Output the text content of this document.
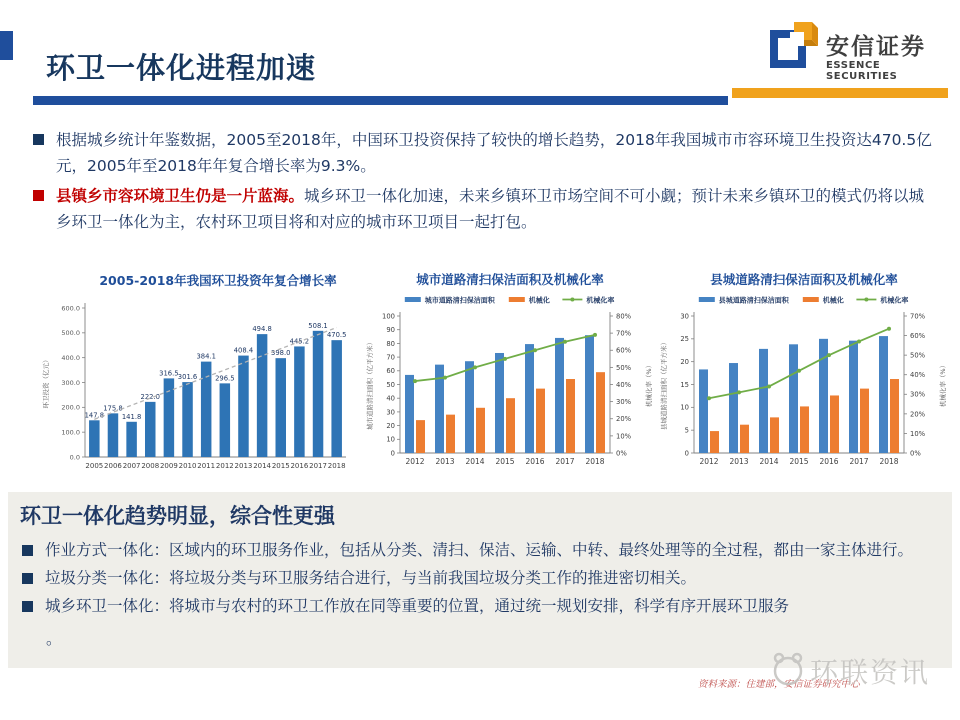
环卫一体化进程加速
安信证券
ESSENCE SECURITIES
根据城乡统计年鉴数据，2005至2018年，中国环卫投资保持了较快的增长趋势，2018年我国城市市容环境卫生投资达470.5亿元，2005年至2018年年复合增长率为9.3%。
县镇乡市容环境卫生仍是一片蓝海。城乡环卫一体化加速，未来乡镇环卫市场空间不可小觑；预计未来乡镇环卫的模式仍将以城乡环卫一体化为主，农村环卫项目将和对应的城市环卫项目一起打包。
2005-2018年我国环卫投资年复合增长率
0.0
100.0
200.0
300.0
400.0
500.0
600.0
147.8
2005
175.8
2006
141.8
2007
222.0
2008
316.5
2009
301.6
2010
384.1
2011
296.5
2012
408.4
2013
494.8
2014
398.0
2015
445.2
2016
508.1
2017
470.5
2018
环卫投资（亿元）
城市道路清扫保洁面积及机械化率
城市道路清扫保洁面积	机械化	机械化率
0
10
20
30
40
50
60
70
80
90
100
0%
10%
20%
30%
40%
50%
60%
70%
80%
2012 2013 2014 2015 2016 2017 2018
城市道路清扫面积（亿平方米）	机械化率（%）
县城道路清扫保洁面积及机械化率
县城道路清扫保洁面积	机械化	机械化率
0
5
10
15
20
25
30
0%
10%
20%
30%
40%
50%
60%
70%
2012 2013 2014 2015 2016 2017 2018
县城道路清扫面积（亿平方米）	机械化率（%）
环卫一体化趋势明显，综合性更强
作业方式一体化：区域内的环卫服务作业，包括从分类、清扫、保洁、运输、中转、最终处理等的全过程，都由一家主体进行。
垃圾分类一体化：将垃圾分类与环卫服务结合进行，与当前我国垃圾分类工作的推进密切相关。
城乡环卫一体化：将城市与农村的环卫工作放在同等重要的位置，通过统一规划安排，科学有序开展环卫服务
。
资料来源：住建部，安信证券研究中心
环联资讯
